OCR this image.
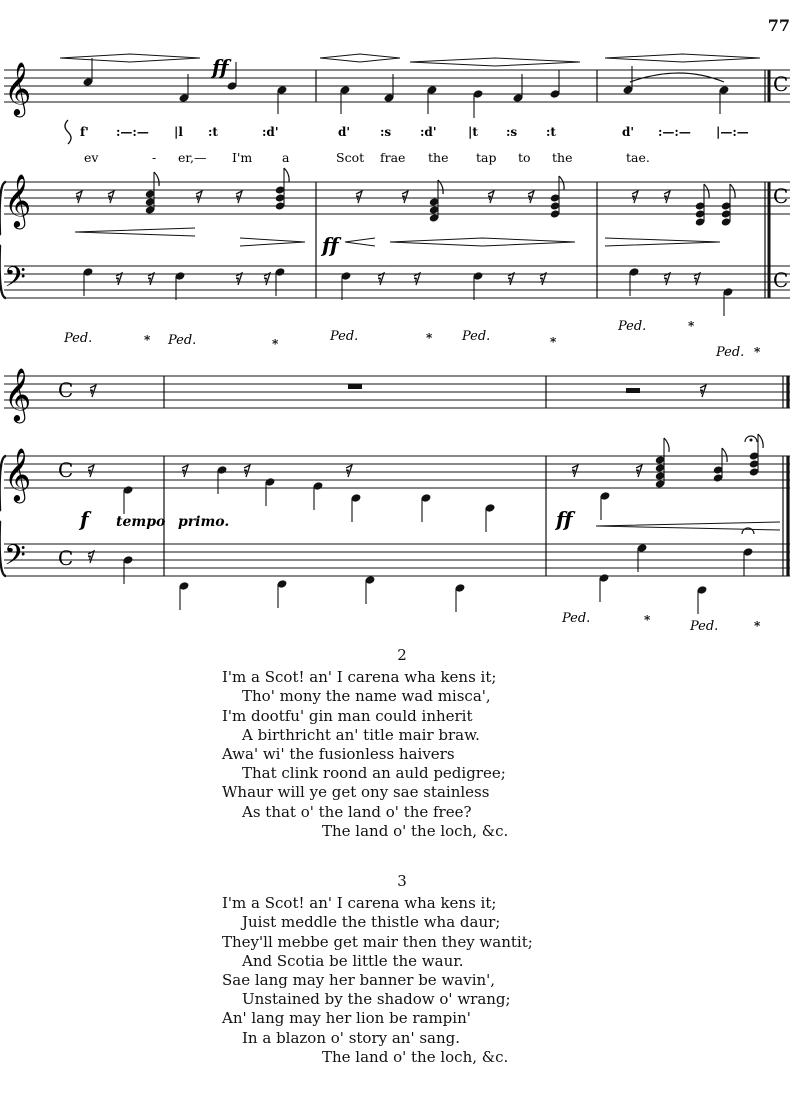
77
𝄞
𝄞
𝄢
C
C
C
ff
f' :—:— |l :t	:d'	d' :s :d'	|t :s :t	d' :—:— |—:—
ev	- er,— I'm a	Scot frae the tap to the	tae.
𝄾 𝄾	𝄾	𝄾	𝄾	𝄾	𝄾	𝄾	𝄾 𝄾
ff
𝄾 𝄾	𝄾 𝄾	𝄾	𝄾	𝄾 𝄾	𝄾 𝄾
Ped.	Ped.	Ped.	Ped.
Ped.
Ped.
*	*	*	*
*
*
𝄞
𝄞
𝄢
C
C
C
𝄾	𝄾
𝄾	𝄾	𝄾	𝄾	𝄾	𝄾
f tempo primo.	ff
𝄾
Ped.
Ped.
*	*
2
I'm a Scot! an' I carena wha kens it;
Tho' mony the name wad misca',
I'm dootfu' gin man could inherit
A birthricht an' title mair braw.
Awa' wi' the fusionless haivers
That clink roond an auld pedigree;
Whaur will ye get ony sae stainless
As that o' the land o' the free?
The land o' the loch, &c.
3
I'm a Scot! an' I carena wha kens it;
Juist meddle the thistle wha daur;
They'll mebbe get mair then they wantit;
And Scotia be little the waur.
Sae lang may her banner be wavin',
Unstained by the shadow o' wrang;
An' lang may her lion be rampin'
In a blazon o' story an' sang.
The land o' the loch, &c.
